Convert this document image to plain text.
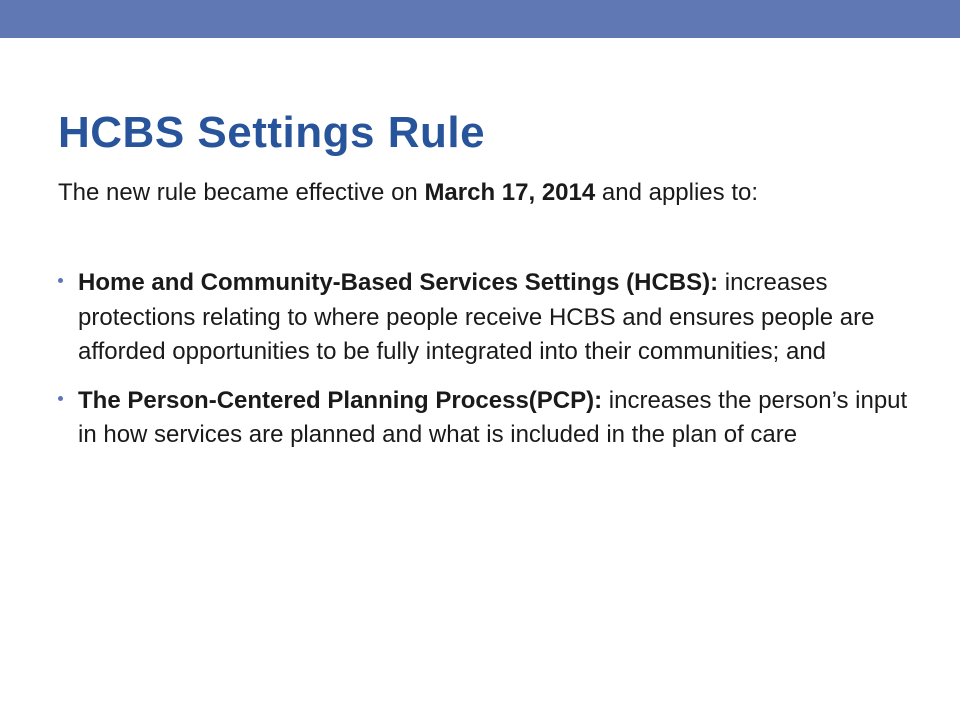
HCBS Settings Rule

The new rule became effective on March 17, 2014 and applies to:

Home and Community-Based Services Settings (HCBS): increases protections relating to where people receive HCBS and ensures people are afforded opportunities to be fully integrated into their communities; and
The Person-Centered Planning Process(PCP): increases the person’s input in how services are planned and what is included in the plan of care
